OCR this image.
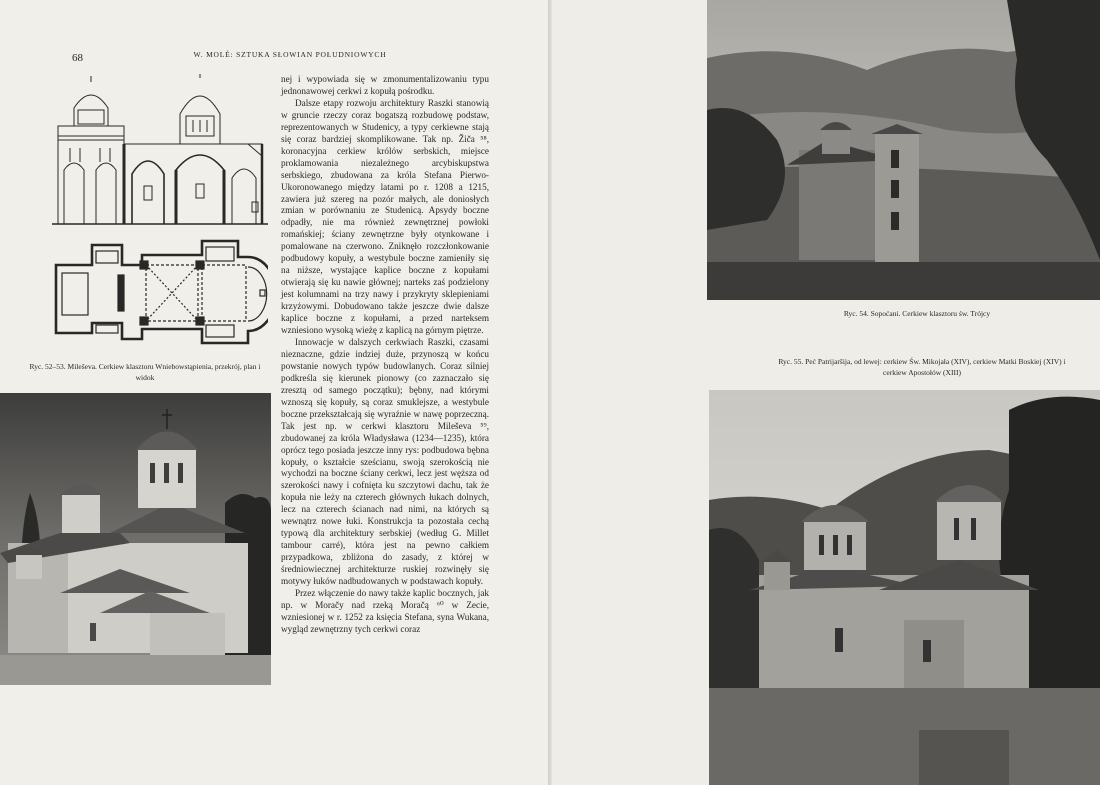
68	W. MOLÉ: SZTUKA SŁOWIAN POŁUDNIOWYCH
Ryc. 52–53. Mileševa. Cerkiew klasztoru Wniebowstąpienia, przekrój, plan i widok

nej i wypowiada się w zmonumentalizowaniu typu jednonawowej cerkwi z kopułą pośrodku.

Dalsze etapy rozwoju architektury Raszki stanowią w gruncie rzeczy coraz bogatszą rozbudowę podstaw, reprezentowanych w Studenicy, a typy cerkiewne stają się coraz bardziej skomplikowane. Tak np. Žiča ⁵⁸, koronacyjna cerkiew królów serbskich, miejsce proklamowania niezależnego arcybiskupstwa serbskiego, zbudowana za króla Stefana Pierwo-Ukoronowanego między latami po r. 1208 a 1215, zawiera już szereg na pozór małych, ale doniosłych zmian w porównaniu ze Studenicą. Apsydy boczne odpadły, nie ma również zewnętrznej powłoki romańskiej; ściany zewnętrzne były otynkowane i pomalowane na czerwono. Zniknęło rozczłonkowanie podbudowy kopuły, a westybule boczne zamieniły się na niższe, wystające kaplice boczne z kopułami otwierają się ku nawie głównej; narteks zaś podzielony jest kolumnami na trzy nawy i przykryty sklepieniami krzyżowymi. Dobudowano także jeszcze dwie dalsze kaplice boczne z kopułami, a przed narteksem wzniesiono wysoką wieżę z kaplicą na górnym piętrze.

Innowacje w dalszych cerkwiach Raszki, czasami nieznaczne, gdzie indziej duże, przynoszą w końcu powstanie nowych typów budowlanych. Coraz silniej podkreśla się kierunek pionowy (co zaznaczało się zresztą od samego początku); bębny, nad którymi wznoszą się kopuły, są coraz smuklejsze, a westybule boczne przekształcają się wyraźnie w nawę poprzeczną. Tak jest np. w cerkwi klasztoru Mileševa ⁵⁹, zbudowanej za króla Władysława (1234—1235), która oprócz tego posiada jeszcze inny rys: podbudowa bębna kopuły, o kształcie sześcianu, swoją szerokością nie wychodzi na boczne ściany cerkwi, lecz jest węższa od szerokości nawy i cofnięta ku szczytowi dachu, tak że kopuła nie leży na czterech głównych łukach dolnych, lecz na czterech ścianach nad nimi, na których są wewnątrz nowe łuki. Konstrukcja ta pozostała cechą typową dla architektury serbskiej (według G. Millet tambour carré), która jest na pewno całkiem przypadkowa, zbliżona do zasady, z której w średniowiecznej architekturze ruskiej rozwinęły się motywy łuków nadbudowanych w podstawach kopuły.

Przez włączenie do nawy także kaplic bocznych, jak np. w Moračy nad rzeką Moračą ⁶⁰ w Zecie, wzniesionej w r. 1252 za księcia Stefana, syna Wukana, wygląd zewnętrzny tych cerkwi coraz

Ryc. 54. Sopoćani. Cerkiew klasztoru św. Trójcy
Ryc. 55. Peć Patrijaršija, od lewej: cerkiew Św. Mikojała (XIV), cerkiew Matki Boskiej (XIV) i cerkiew Apostołów (XIII)
